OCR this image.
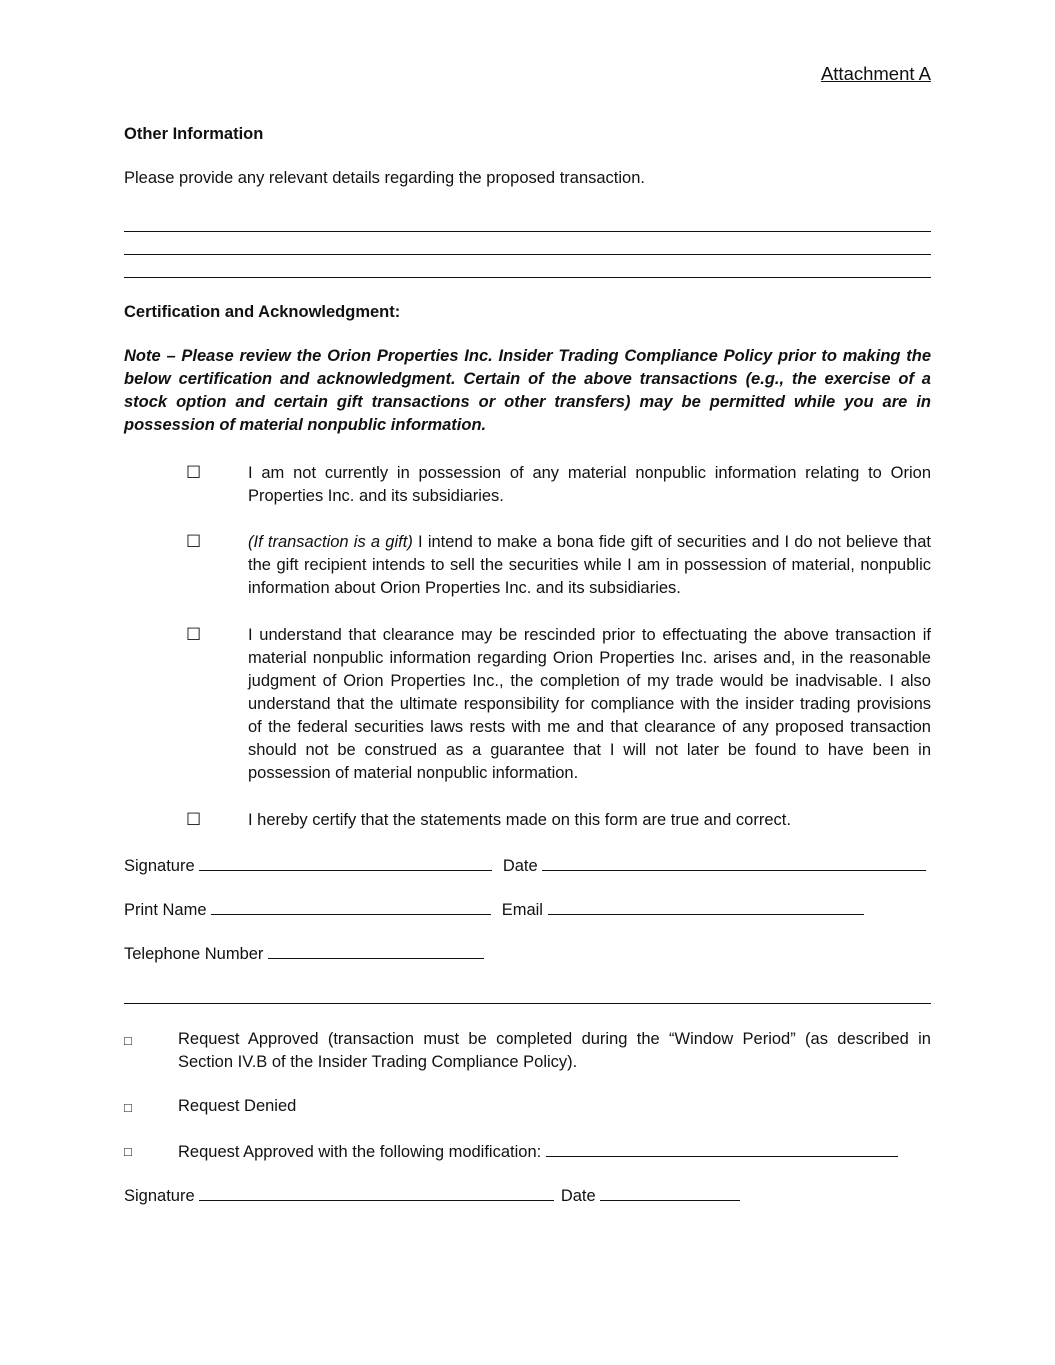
Attachment A
Other Information
Please provide any relevant details regarding the proposed transaction.
Certification and Acknowledgment:
Note – Please review the Orion Properties Inc. Insider Trading Compliance Policy prior to making the below certification and acknowledgment. Certain of the above transactions (e.g., the exercise of a stock option and certain gift transactions or other transfers) may be permitted while you are in possession of material nonpublic information.
☐	I am not currently in possession of any material nonpublic information relating to Orion Properties Inc. and its subsidiaries.
☐	(If transaction is a gift) I intend to make a bona fide gift of securities and I do not believe that the gift recipient intends to sell the securities while I am in possession of material, nonpublic information about Orion Properties Inc. and its subsidiaries.
☐	I understand that clearance may be rescinded prior to effectuating the above transaction if material nonpublic information regarding Orion Properties Inc. arises and, in the reasonable judgment of Orion Properties Inc., the completion of my trade would be inadvisable. I also understand that the ultimate responsibility for compliance with the insider trading provisions of the federal securities laws rests with me and that clearance of any proposed transaction should not be construed as a guarantee that I will not later be found to have been in possession of material nonpublic information.
☐	I hereby certify that the statements made on this form are true and correct.
Signature	Date
Print Name	Email
Telephone Number
□	Request Approved (transaction must be completed during the “Window Period” (as described in Section IV.B of the Insider Trading Compliance Policy).
□	Request Denied
□	Request Approved with the following modification:
Signature	Date
